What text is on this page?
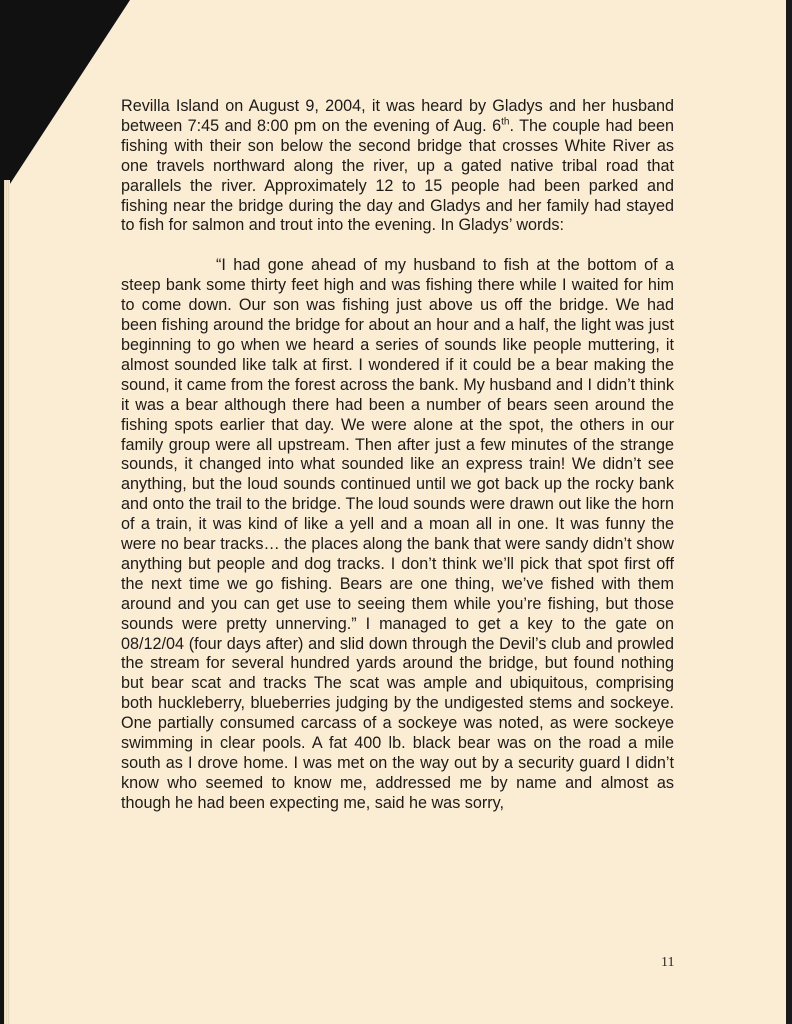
Revilla Island on August 9, 2004, it was heard by Gladys and her husband between 7:45 and 8:00 pm on the evening of Aug. 6th. The couple had been fishing with their son below the second bridge that crosses White River as one travels northward along the river, up a gated native tribal road that parallels the river. Approximately 12 to 15 people had been parked and fishing near the bridge during the day and Gladys and her family had stayed to fish for salmon and trout into the evening. In Gladys’ words:

“I had gone ahead of my husband to fish at the bottom of a steep bank some thirty feet high and was fishing there while I waited for him to come down. Our son was fishing just above us off the bridge. We had been fishing around the bridge for about an hour and a half, the light was just beginning to go when we heard a series of sounds like people muttering, it almost sounded like talk at first. I wondered if it could be a bear making the sound, it came from the forest across the bank. My husband and I didn’t think it was a bear although there had been a number of bears seen around the fishing spots earlier that day. We were alone at the spot, the others in our family group were all upstream. Then after just a few minutes of the strange sounds, it changed into what sounded like an express train! We didn’t see anything, but the loud sounds continued until we got back up the rocky bank and onto the trail to the bridge. The loud sounds were drawn out like the horn of a train, it was kind of like a yell and a moan all in one. It was funny the were no bear tracks… the places along the bank that were sandy didn’t show anything but people and dog tracks. I don’t think we’ll pick that spot first off the next time we go fishing. Bears are one thing, we’ve fished with them around and you can get use to seeing them while you’re fishing, but those sounds were pretty unnerving.” I managed to get a key to the gate on 08/12/04 (four days after) and slid down through the Devil’s club and prowled the stream for several hundred yards around the bridge, but found nothing but bear scat and tracks The scat was ample and ubiquitous, comprising both huckleberry, blueberries judging by the undigested stems and sockeye. One partially consumed carcass of a sockeye was noted, as were sockeye swimming in clear pools. A fat 400 lb. black bear was on the road a mile south as I drove home. I was met on the way out by a security guard I didn’t know who seemed to know me, addressed me by name and almost as though he had been expecting me, said he was sorry,

11
